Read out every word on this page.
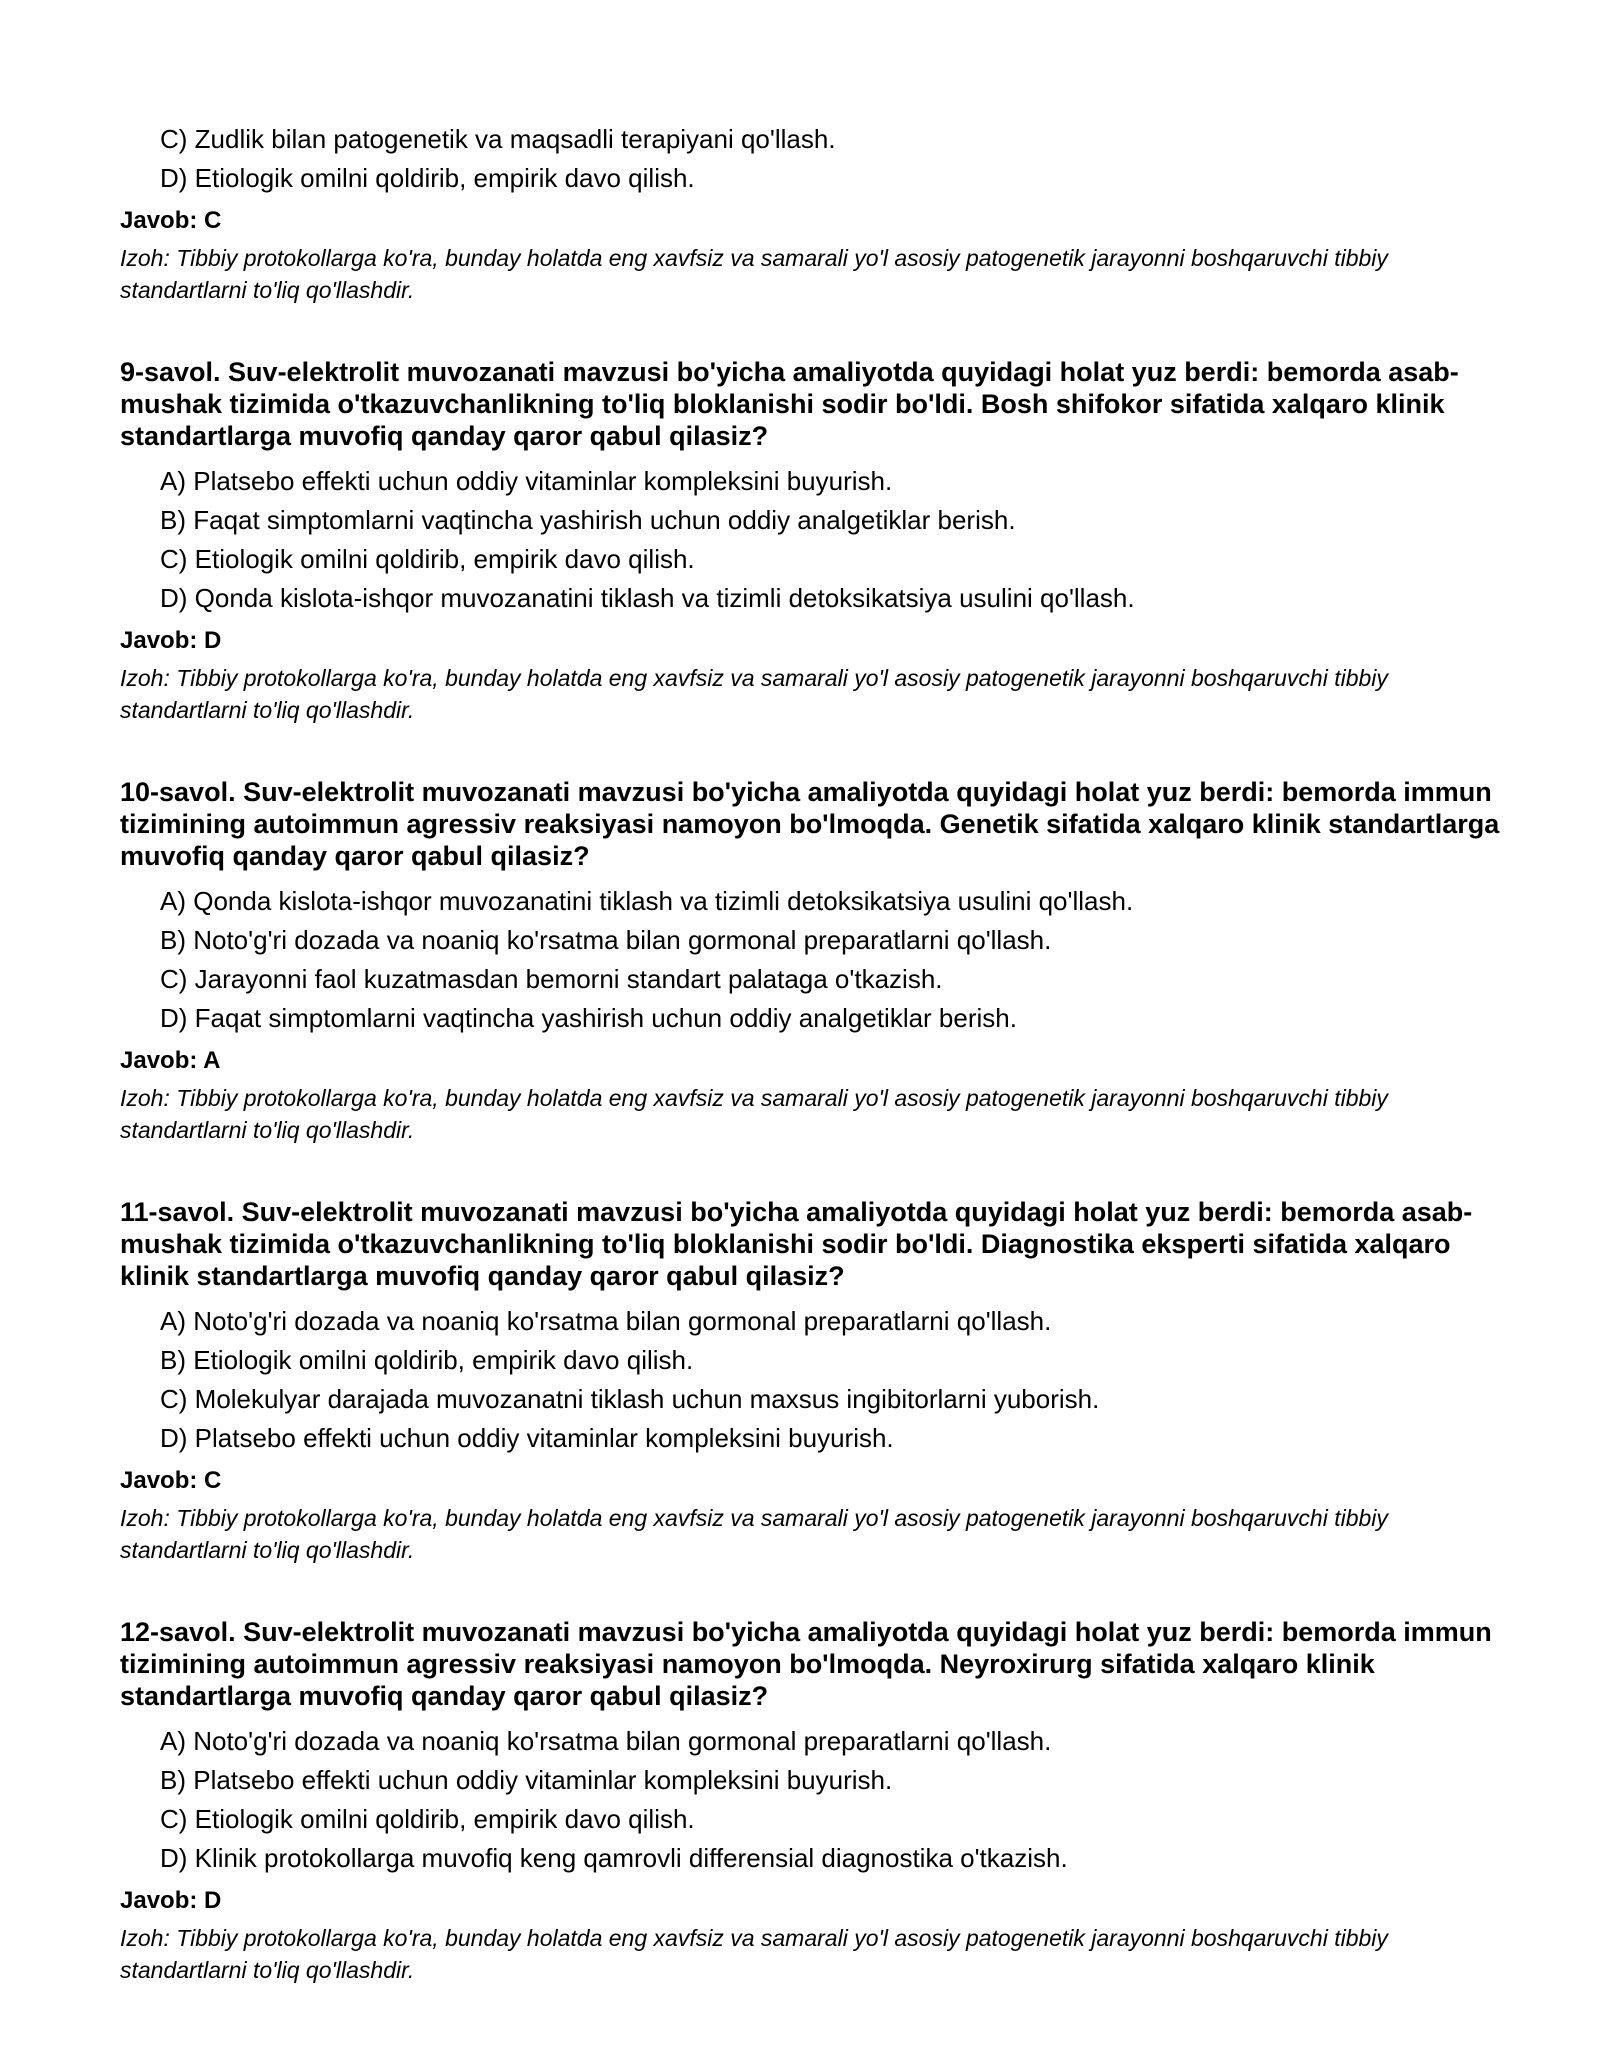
C) Zudlik bilan patogenetik va maqsadli terapiyani qo'llash.
D) Etiologik omilni qoldirib, empirik davo qilish.
Javob: C
Izoh: Tibbiy protokollarga ko'ra, bunday holatda eng xavfsiz va samarali yo'l asosiy patogenetik jarayonni boshqaruvchi tibbiy standartlarni to'liq qo'llashdir.
9-savol. Suv-elektrolit muvozanati mavzusi bo'yicha amaliyotda quyidagi holat yuz berdi: bemorda asab-mushak tizimida o'tkazuvchanlikning to'liq bloklanishi sodir bo'ldi. Bosh shifokor sifatida xalqaro klinik standartlarga muvofiq qanday qaror qabul qilasiz?
A) Platsebo effekti uchun oddiy vitaminlar kompleksini buyurish.
B) Faqat simptomlarni vaqtincha yashirish uchun oddiy analgetiklar berish.
C) Etiologik omilni qoldirib, empirik davo qilish.
D) Qonda kislota-ishqor muvozanatini tiklash va tizimli detoksikatsiya usulini qo'llash.
Javob: D
Izoh: Tibbiy protokollarga ko'ra, bunday holatda eng xavfsiz va samarali yo'l asosiy patogenetik jarayonni boshqaruvchi tibbiy standartlarni to'liq qo'llashdir.
10-savol. Suv-elektrolit muvozanati mavzusi bo'yicha amaliyotda quyidagi holat yuz berdi: bemorda immun tizimining autoimmun agressiv reaksiyasi namoyon bo'lmoqda. Genetik sifatida xalqaro klinik standartlarga muvofiq qanday qaror qabul qilasiz?
A) Qonda kislota-ishqor muvozanatini tiklash va tizimli detoksikatsiya usulini qo'llash.
B) Noto'g'ri dozada va noaniq ko'rsatma bilan gormonal preparatlarni qo'llash.
C) Jarayonni faol kuzatmasdan bemorni standart palataga o'tkazish.
D) Faqat simptomlarni vaqtincha yashirish uchun oddiy analgetiklar berish.
Javob: A
Izoh: Tibbiy protokollarga ko'ra, bunday holatda eng xavfsiz va samarali yo'l asosiy patogenetik jarayonni boshqaruvchi tibbiy standartlarni to'liq qo'llashdir.
11-savol. Suv-elektrolit muvozanati mavzusi bo'yicha amaliyotda quyidagi holat yuz berdi: bemorda asab-mushak tizimida o'tkazuvchanlikning to'liq bloklanishi sodir bo'ldi. Diagnostika eksperti sifatida xalqaro klinik standartlarga muvofiq qanday qaror qabul qilasiz?
A) Noto'g'ri dozada va noaniq ko'rsatma bilan gormonal preparatlarni qo'llash.
B) Etiologik omilni qoldirib, empirik davo qilish.
C) Molekulyar darajada muvozanatni tiklash uchun maxsus ingibitorlarni yuborish.
D) Platsebo effekti uchun oddiy vitaminlar kompleksini buyurish.
Javob: C
Izoh: Tibbiy protokollarga ko'ra, bunday holatda eng xavfsiz va samarali yo'l asosiy patogenetik jarayonni boshqaruvchi tibbiy standartlarni to'liq qo'llashdir.
12-savol. Suv-elektrolit muvozanati mavzusi bo'yicha amaliyotda quyidagi holat yuz berdi: bemorda immun tizimining autoimmun agressiv reaksiyasi namoyon bo'lmoqda. Neyroxirurg sifatida xalqaro klinik standartlarga muvofiq qanday qaror qabul qilasiz?
A) Noto'g'ri dozada va noaniq ko'rsatma bilan gormonal preparatlarni qo'llash.
B) Platsebo effekti uchun oddiy vitaminlar kompleksini buyurish.
C) Etiologik omilni qoldirib, empirik davo qilish.
D) Klinik protokollarga muvofiq keng qamrovli differensial diagnostika o'tkazish.
Javob: D
Izoh: Tibbiy protokollarga ko'ra, bunday holatda eng xavfsiz va samarali yo'l asosiy patogenetik jarayonni boshqaruvchi tibbiy standartlarni to'liq qo'llashdir.
